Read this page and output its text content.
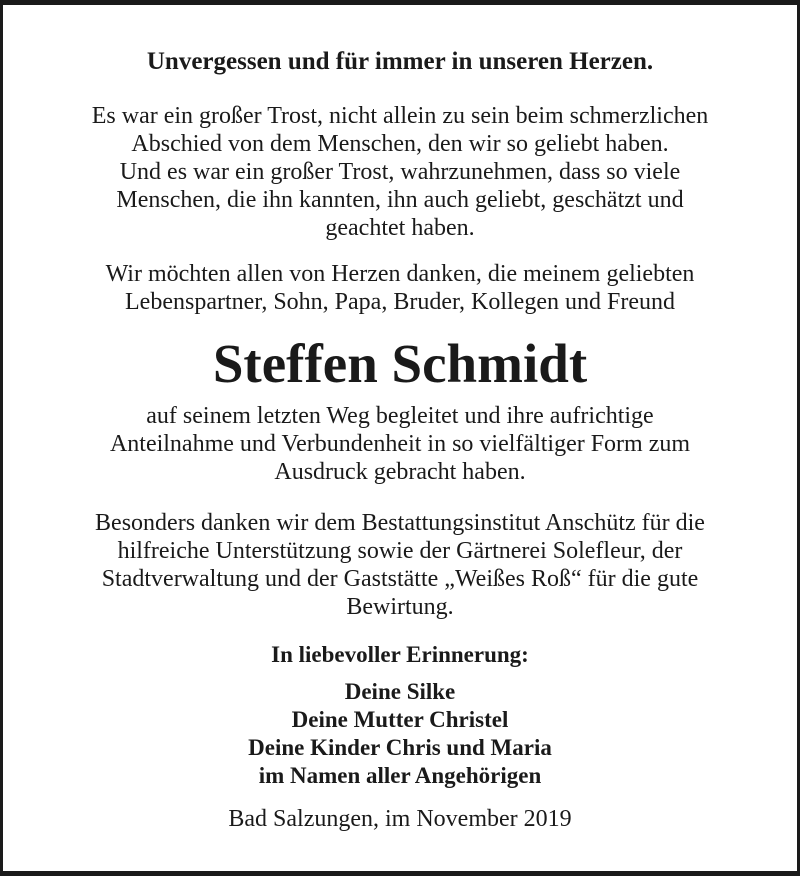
Unvergessen und für immer in unseren Herzen.
Es war ein großer Trost, nicht allein zu sein beim schmerzlichen
Abschied von dem Menschen, den wir so geliebt haben.
Und es war ein großer Trost, wahrzunehmen, dass so viele
Menschen, die ihn kannten, ihn auch geliebt, geschätzt und
geachtet haben.
Wir möchten allen von Herzen danken, die meinem geliebten
Lebenspartner, Sohn, Papa, Bruder, Kollegen und Freund
Steffen Schmidt
auf seinem letzten Weg begleitet und ihre aufrichtige
Anteilnahme und Verbundenheit in so vielfältiger Form zum
Ausdruck gebracht haben.
Besonders danken wir dem Bestattungsinstitut Anschütz für die
hilfreiche Unterstützung sowie der Gärtnerei Solefleur, der
Stadtverwaltung und der Gaststätte „Weißes Roß“ für die gute
Bewirtung.
In liebevoller Erinnerung:
Deine Silke
Deine Mutter Christel
Deine Kinder Chris und Maria
im Namen aller Angehörigen
Bad Salzungen, im November 2019
